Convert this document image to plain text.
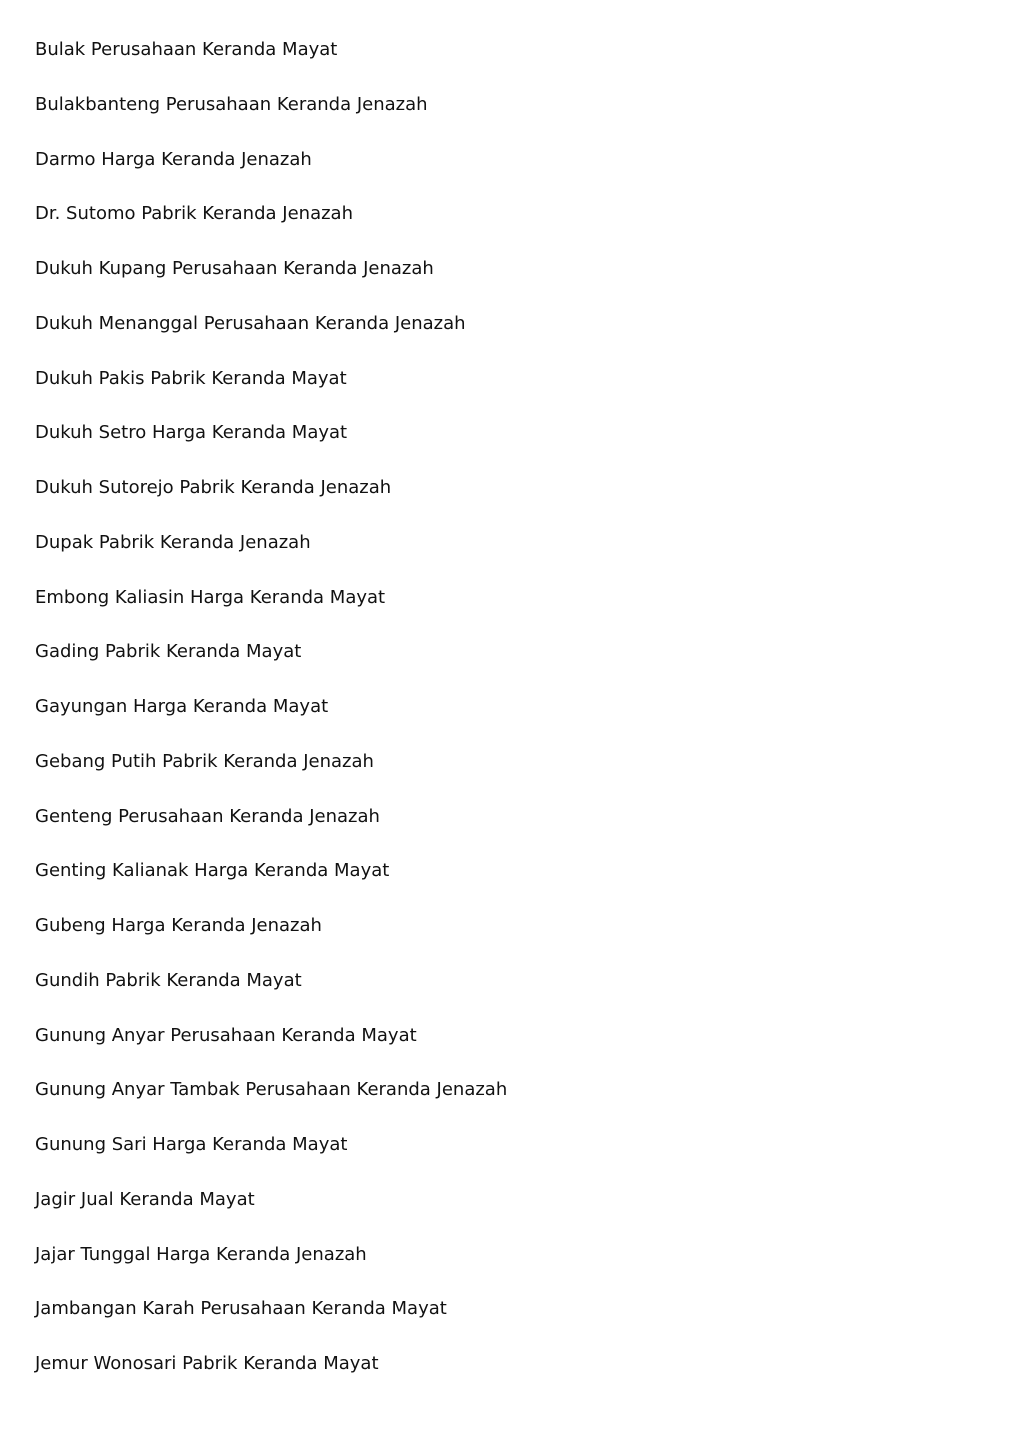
Bulak Perusahaan Keranda Mayat
Bulakbanteng Perusahaan Keranda Jenazah
Darmo Harga Keranda Jenazah
Dr. Sutomo Pabrik Keranda Jenazah
Dukuh Kupang Perusahaan Keranda Jenazah
Dukuh Menanggal Perusahaan Keranda Jenazah
Dukuh Pakis Pabrik Keranda Mayat
Dukuh Setro Harga Keranda Mayat
Dukuh Sutorejo Pabrik Keranda Jenazah
Dupak Pabrik Keranda Jenazah
Embong Kaliasin Harga Keranda Mayat
Gading Pabrik Keranda Mayat
Gayungan Harga Keranda Mayat
Gebang Putih Pabrik Keranda Jenazah
Genteng Perusahaan Keranda Jenazah
Genting Kalianak Harga Keranda Mayat
Gubeng Harga Keranda Jenazah
Gundih Pabrik Keranda Mayat
Gunung Anyar Perusahaan Keranda Mayat
Gunung Anyar Tambak Perusahaan Keranda Jenazah
Gunung Sari Harga Keranda Mayat
Jagir Jual Keranda Mayat
Jajar Tunggal Harga Keranda Jenazah
Jambangan Karah Perusahaan Keranda Mayat
Jemur Wonosari Pabrik Keranda Mayat
